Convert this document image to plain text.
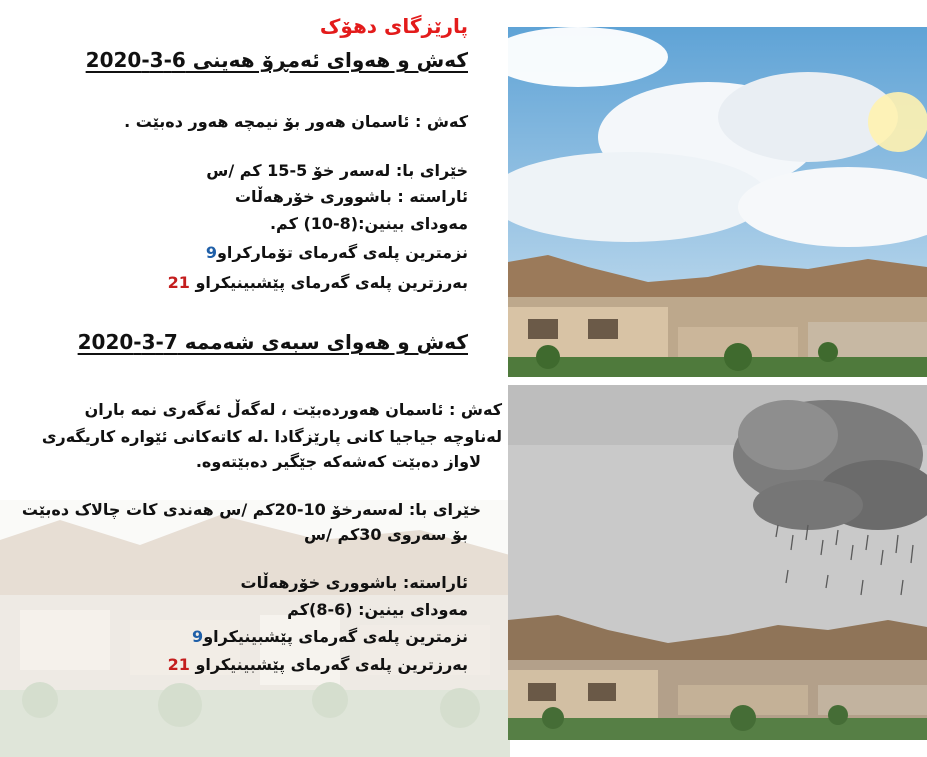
پارێزگای دهۆک
کەش و هەوای ئەمڕۆ هەینی 6-3-2020
کەش : ئاسمان هەور بۆ نیمچە هەور دەبێت .
خێرای با: لەسەر خۆ 5-15 کم /س
ئاراستە : باشووری خۆرهەڵات
مەودای بینین:(8-10) کم.
نزمترین پلەی گەرمای تۆمارکراو9
بەرزترین پلەی گەرمای پێشبینیکراو 21
کەش و هەوای سبەی شەممە 7-3-2020
کەش : ئاسمان هەوردەبێت ، لەگەڵ ئەگەری نمە باران
لەناوچە جیاجیا کانی پارێزگادا .لە کاتەکانی ئێوارە کاریگەری
لاواز دەبێت کەشەکە جێگیر دەبێتەوە.
خێرای با: لەسەرخۆ 10-20کم /س هەندی کات چالاک دەبێت
بۆ سەروی 30کم /س
ئاراستە: باشووری خۆرهەڵات
مەودای بینین: (6-8)کم
نزمترین پلەی گەرمای پێشبینیکراو9
بەرزترین پلەی گەرمای پێشبینیکراو 21
